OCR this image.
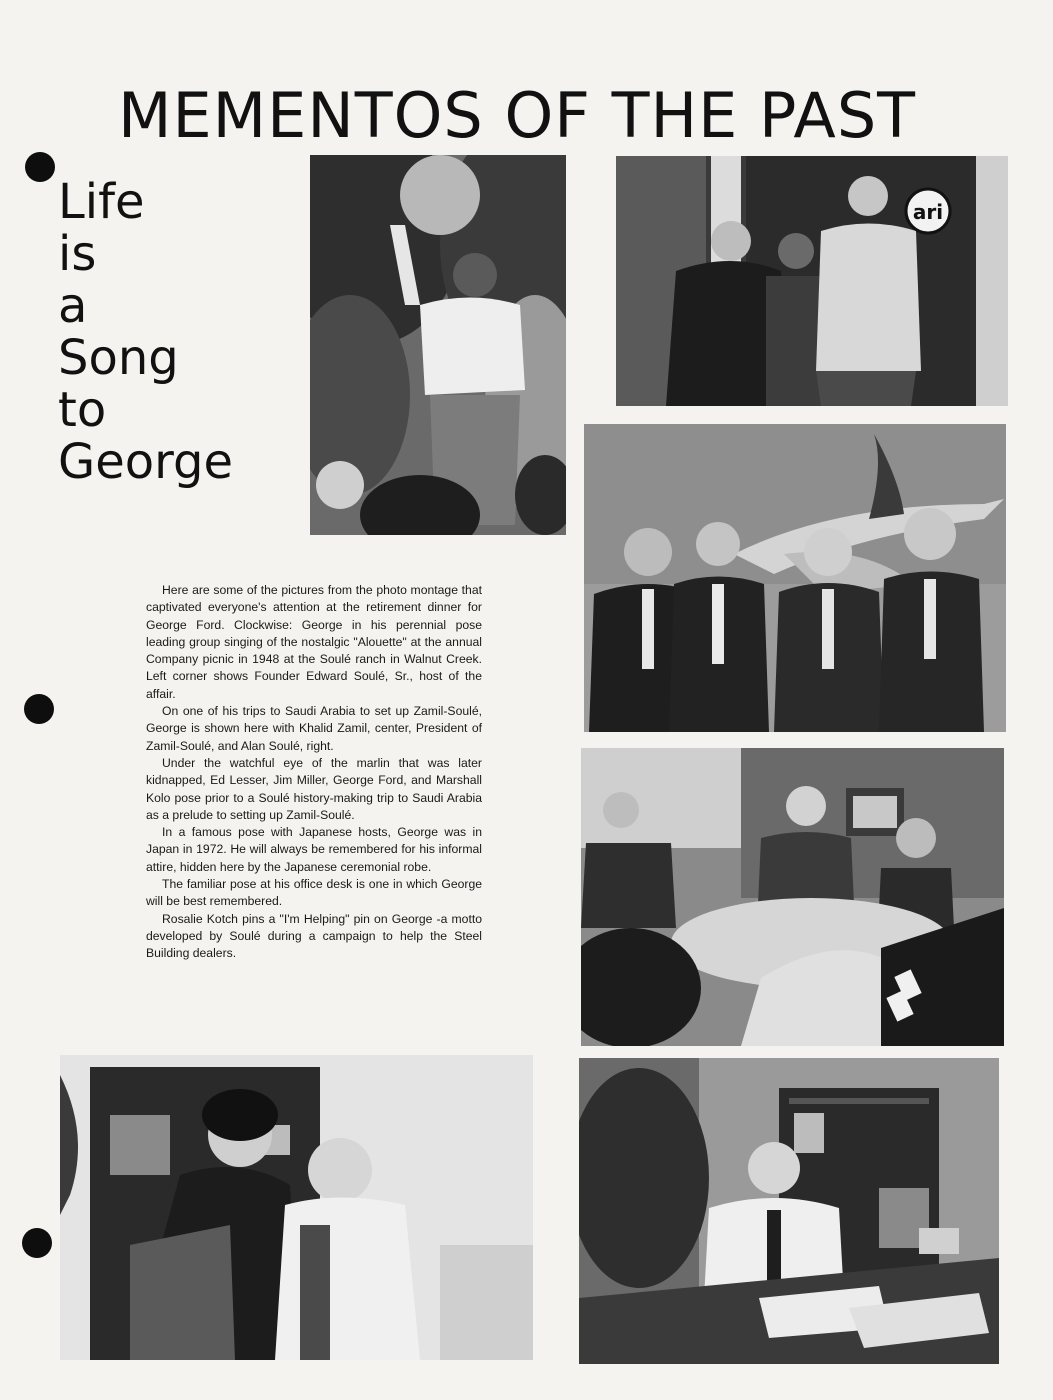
MEMENTOS OF THE PAST
Life
is
a
Song
to
George
ari

Here are some of the pictures from the photo montage that captivated everyone's attention at the retirement dinner for George Ford. Clockwise: George in his perennial pose leading group singing of the nostalgic "Alouette" at the annual Company picnic in 1948 at the Soulé ranch in Walnut Creek. Left corner shows Founder Edward Soulé, Sr., host of the affair.

On one of his trips to Saudi Arabia to set up Zamil-Soulé, George is shown here with Khalid Zamil, center, President of Zamil-Soulé, and Alan Soulé, right.

Under the watchful eye of the marlin that was later kidnapped, Ed Lesser, Jim Miller, George Ford, and Marshall Kolo pose prior to a Soulé history-making trip to Saudi Arabia as a prelude to setting up Zamil-Soulé.

In a famous pose with Japanese hosts, George was in Japan in 1972. He will always be remembered for his informal attire, hidden here by the Japanese ceremonial robe.

The familiar pose at his office desk is one in which George will be best remembered.

Rosalie Kotch pins a "I'm Helping" pin on George -a motto developed by Soulé during a campaign to help the Steel Building dealers.
